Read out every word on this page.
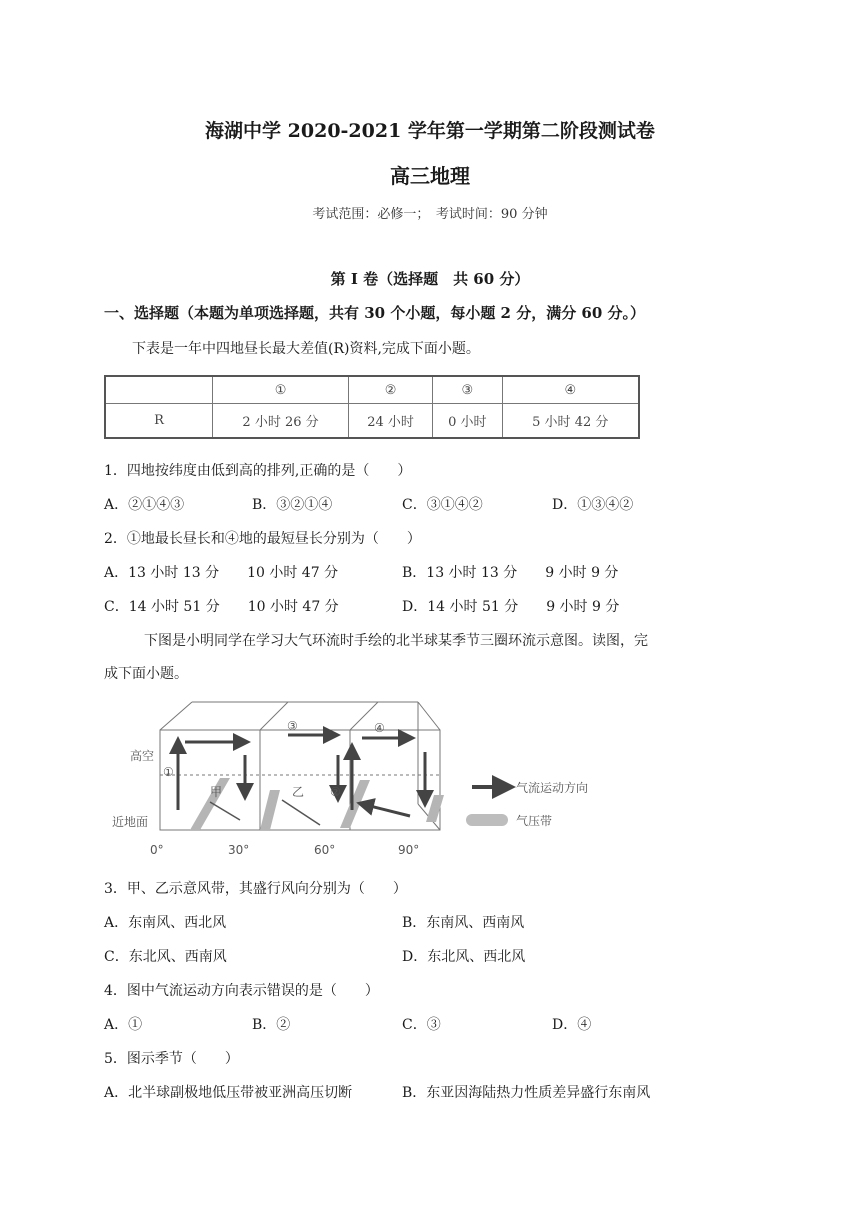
海湖中学 2020-2021 学年第一学期第二阶段测试卷
高三地理
考试范围：必修一；　考试时间：90 分钟
第 I 卷（选择题　共 60 分）
一、选择题（本题为单项选择题，共有 30 个小题，每小题 2 分，满分 60 分。）
下表是一年中四地昼长最大差值(R)资料,完成下面小题。
	①	②	③	④
R	2 小时 26 分	24 小时	0 小时	5 小时 42 分
1．四地按纬度由低到高的排列,正确的是（　　）
A．②①④③	B．③②①④	C．③①④②	D．①③④②
2．①地最长昼长和④地的最短昼长分别为（　　）
A．13 小时 13 分　　10 小时 47 分	B．13 小时 13 分　　9 小时 9 分
C．14 小时 51 分　　10 小时 47 分	D．14 小时 51 分　　9 小时 9 分
下图是小明同学在学习大气环流时手绘的北半球某季节三圈环流示意图。读图，完
成下面小题。
高空
近地面
0°	30°	60°	90°
①
②
③	④
甲	乙	气流运动方向
气压带
3．甲、乙示意风带，其盛行风向分别为（　　）
A．东南风、西北风	B．东南风、西南风
C．东北风、西南风	D．东北风、西北风
4．图中气流运动方向表示错误的是（　　）
A．①	B．②	C．③	D．④
5．图示季节（　　）
A．北半球副极地低压带被亚洲高压切断	B．东亚因海陆热力性质差异盛行东南风
